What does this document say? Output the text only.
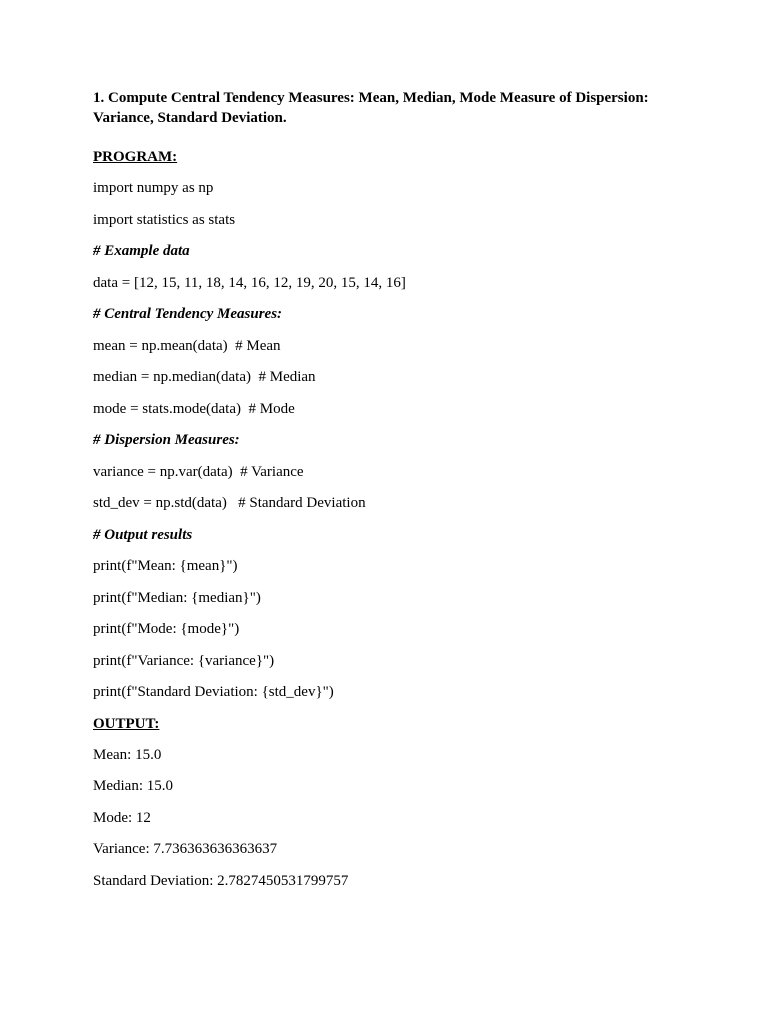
1. Compute Central Tendency Measures: Mean, Median, Mode Measure of Dispersion: Variance, Standard Deviation.
PROGRAM:
import numpy as np
import statistics as stats
# Example data
data = [12, 15, 11, 18, 14, 16, 12, 19, 20, 15, 14, 16]
# Central Tendency Measures:
mean = np.mean(data)  # Mean
median = np.median(data)  # Median
mode = stats.mode(data)  # Mode
# Dispersion Measures:
variance = np.var(data)  # Variance
std_dev = np.std(data)   # Standard Deviation
# Output results
print(f"Mean: {mean}")
print(f"Median: {median}")
print(f"Mode: {mode}")
print(f"Variance: {variance}")
print(f"Standard Deviation: {std_dev}")
OUTPUT:
Mean: 15.0
Median: 15.0
Mode: 12
Variance: 7.736363636363637
Standard Deviation: 2.7827450531799757
